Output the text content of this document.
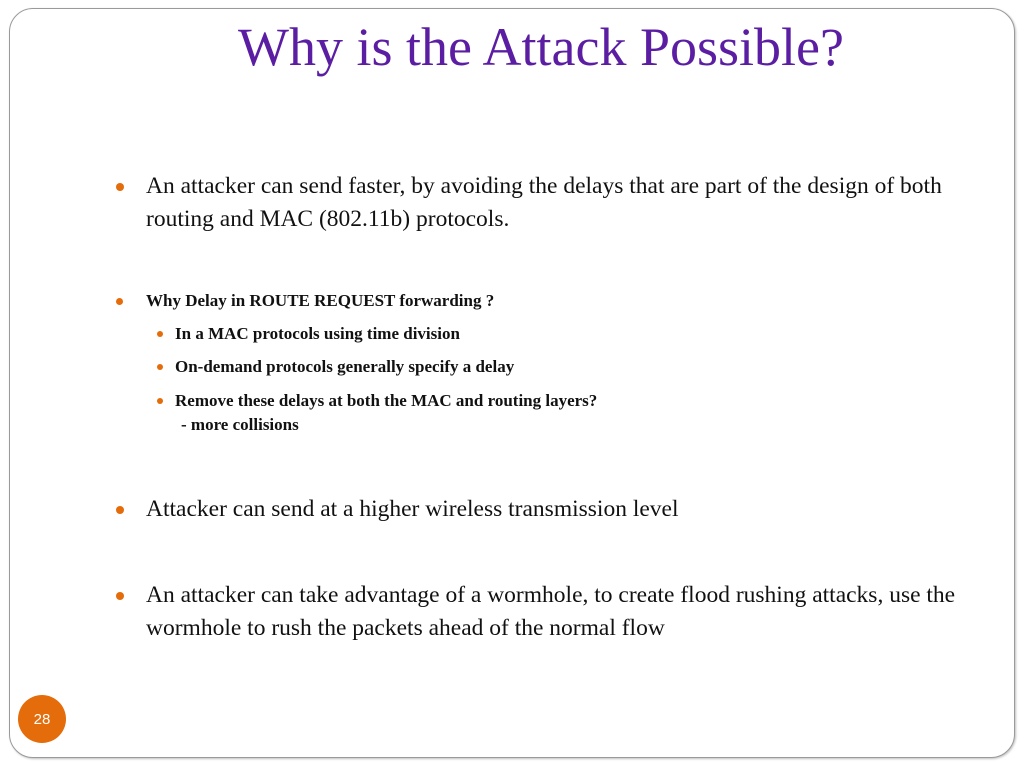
Why is the Attack Possible?
An attacker can send faster, by avoiding the delays that are part of the design of both routing and MAC (802.11b) protocols.
Why Delay in ROUTE REQUEST forwarding ?
In a MAC protocols using time division
On-demand protocols generally specify a delay
Remove these delays at both the MAC and routing layers?
- more collisions
Attacker can send at a higher wireless transmission level
An attacker can take advantage of a wormhole, to create flood rushing attacks, use the wormhole to rush the packets ahead of the normal flow
28
